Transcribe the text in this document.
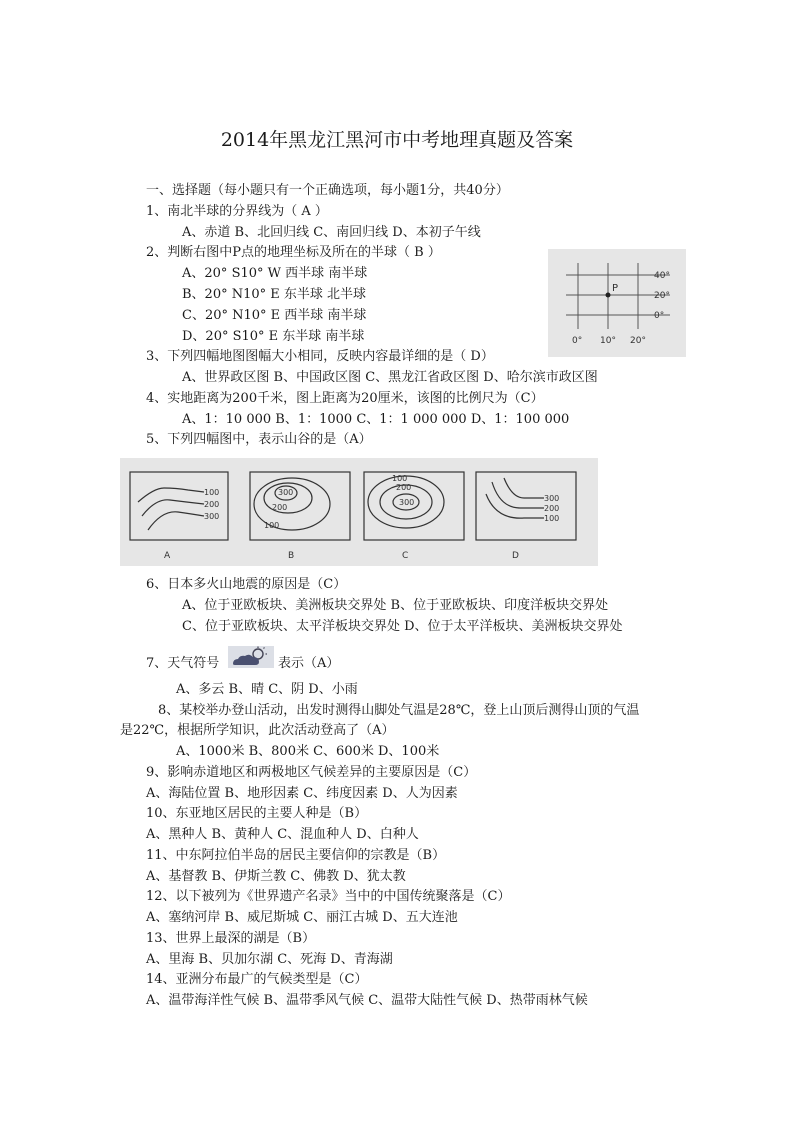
2014年黑龙江黑河市中考地理真题及答案
一、选择题（每小题只有一个正确选项，每小题1分，共40分）
1、南北半球的分界线为（ A ）
A、赤道 B、北回归线 C、南回归线 D、本初子午线
2、判断右图中P点的地理坐标及所在的半球（ B ）
A、20° S10° W 西半球 南半球
B、20° N10° E 东半球 北半球
C、20° N10° E 西半球 南半球
D、20° S10° E 东半球 南半球
P
40°
20°
0°
0° 10° 20°
3、下列四幅地图图幅大小相同，反映内容最详细的是（ D）
A、世界政区图 B、中国政区图 C、黑龙江省政区图 D、哈尔滨市政区图
4、实地距离为200千米，图上距离为20厘米，该图的比例尺为（C）
A、1：10 000 B、1：1000 C、1：1 000 000 D、1：100 000
5、下列四幅图中，表示山谷的是（A）
100
200
300
300
200
100
100
200
300	300
200
100
A	B	C	D
6、日本多火山地震的原因是（C）
A、位于亚欧板块、美洲板块交界处 B、位于亚欧板块、印度洋板块交界处
C、位于亚欧板块、太平洋板块交界处 D、位于太平洋板块、美洲板块交界处
7、天气符号	表示（A）
A、多云 B、晴 C、阴 D、小雨
8、某校举办登山活动，出发时测得山脚处气温是28℃，登上山顶后测得山顶的气温
是22℃，根据所学知识，此次活动登高了（A）
A、1000米 B、800米 C、600米 D、100米
9、影响赤道地区和两极地区气候差异的主要原因是（C）
A、海陆位置 B、地形因素 C、纬度因素 D、人为因素
10、东亚地区居民的主要人种是（B）
A、黑种人 B、黄种人 C、混血种人 D、白种人
11、中东阿拉伯半岛的居民主要信仰的宗教是（B）
A、基督教 B、伊斯兰教 C、佛教 D、犹太教
12、以下被列为《世界遗产名录》当中的中国传统聚落是（C）
A、塞纳河岸 B、威尼斯城 C、丽江古城 D、五大连池
13、世界上最深的湖是（B）
A、里海 B、贝加尔湖 C、死海 D、青海湖
14、亚洲分布最广的气候类型是（C）
A、温带海洋性气候 B、温带季风气候 C、温带大陆性气候 D、热带雨林气候
